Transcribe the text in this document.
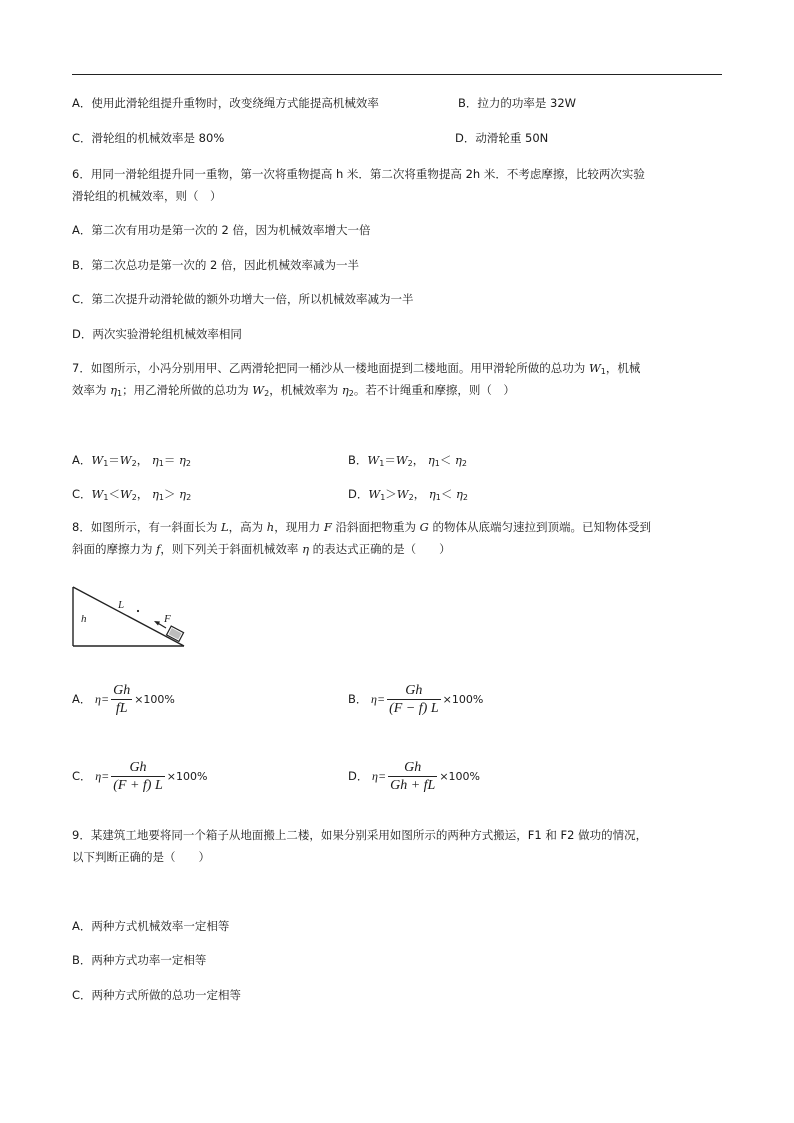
A．使用此滑轮组提升重物时，改变绕绳方式能提高机械效率	B．拉力的功率是 32W
C．滑轮组的机械效率是 80%	D．动滑轮重 50N
6．用同一滑轮组提升同一重物，第一次将重物提高 h 米．第二次将重物提高 2h 米．不考虑摩擦，比较两次实验
滑轮组的机械效率，则（　）
A．第二次有用功是第一次的 2 倍，因为机械效率增大一倍
B．第二次总功是第一次的 2 倍，因此机械效率减为一半
C．第二次提升动滑轮做的额外功增大一倍，所以机械效率减为一半
D．两次实验滑轮组机械效率相同
7．如图所示，小冯分别用甲、乙两滑轮把同一桶沙从一楼地面提到二楼地面。用甲滑轮所做的总功为 $W_1$，机械
效率为 $\eta_1$；用乙滑轮所做的总功为 $W_2$，机械效率为 $\eta_2$。若不计绳重和摩擦，则（　）
A．$W_1=W_2$， $\eta_1= \eta_2$	B．$W_1=W_2$， $\eta_1< \eta_2$
C．$W_1<W_2$， $\eta_1> \eta_2$	D．$W_1>W_2$， $\eta_1< \eta_2$
8．如图所示，有一斜面长为 L，高为 h，现用力 F 沿斜面把物重为 G 的物体从底端匀速拉到顶端。已知物体受到
斜面的摩擦力为 f，则下列关于斜面机械效率 η 的表达式正确的是（　　）
h
L
F
A． $\eta= \frac{Gh}{fL} \times 100\%$	B． $\eta= \frac{Gh}{(F - f) L} \times 100\%$
C． $\eta= \frac{Gh}{(F + f) L} \times 100\%$	D． $\eta= \frac{Gh}{Gh + fL} \times 100\%$
9．某建筑工地要将同一个箱子从地面搬上二楼，如果分别采用如图所示的两种方式搬运，F1 和 F2 做功的情况，
以下判断正确的是（　　）
A．两种方式机械效率一定相等
B．两种方式功率一定相等
C．两种方式所做的总功一定相等
